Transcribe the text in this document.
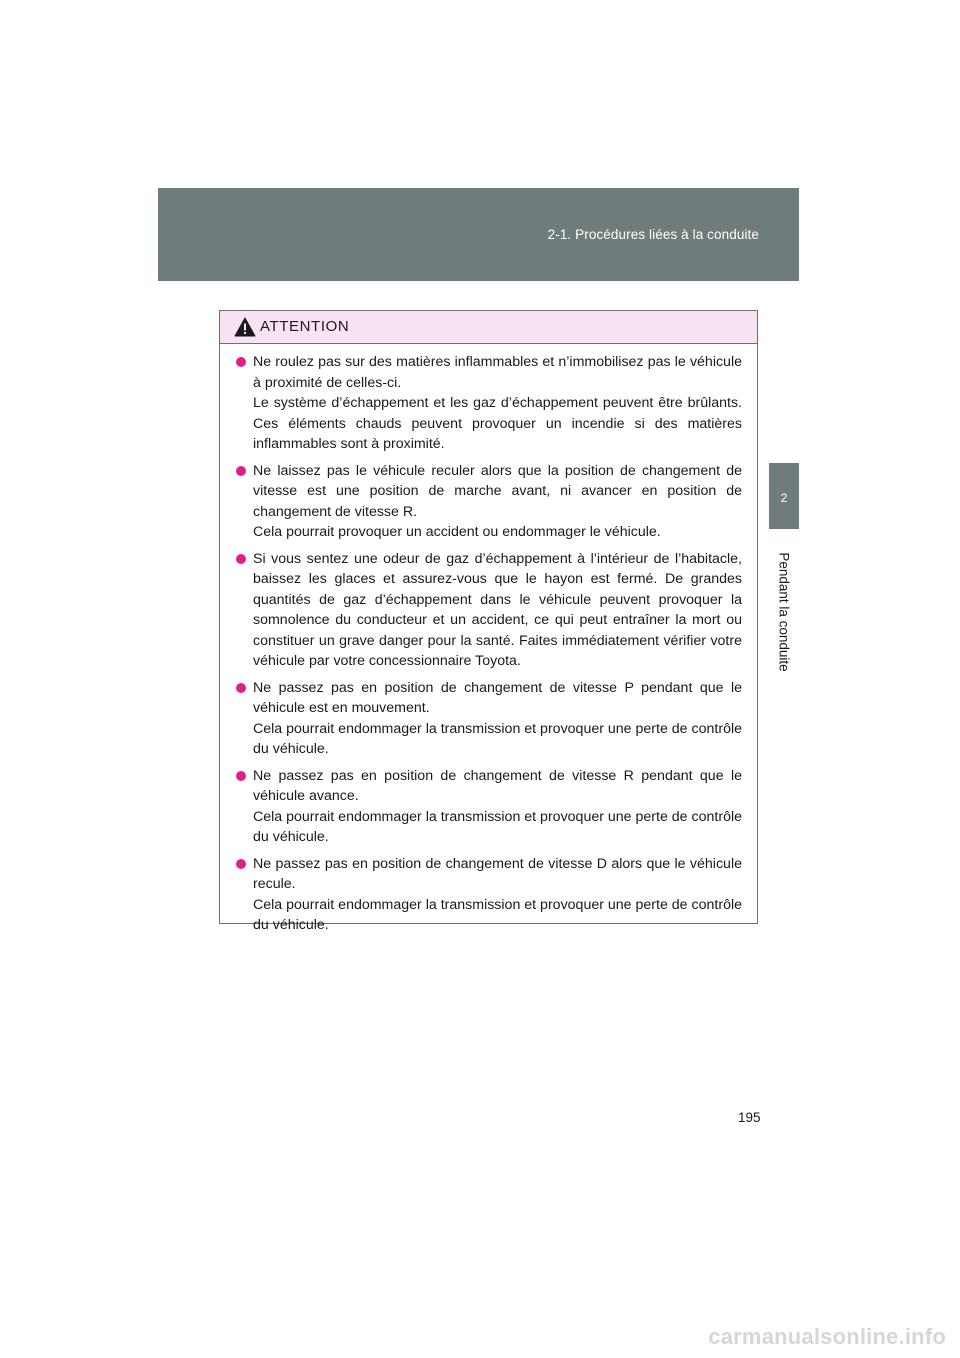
2-1. Procédures liées à la conduite
2
Pendant la conduite
ATTENTION
Ne roulez pas sur des matières inflammables et n’immobilisez pas le véhicule à proximité de celles-ci.
Le système d’échappement et les gaz d’échappement peuvent être brûlants. Ces éléments chauds peuvent provoquer un incendie si des matières inflammables sont à proximité.
Ne laissez pas le véhicule reculer alors que la position de changement de vitesse est une position de marche avant, ni avancer en position de changement de vitesse R.
Cela pourrait provoquer un accident ou endommager le véhicule.
Si vous sentez une odeur de gaz d’échappement à l’intérieur de l’habitacle, baissez les glaces et assurez-vous que le hayon est fermé. De grandes quantités de gaz d’échappement dans le véhicule peuvent provoquer la somnolence du conducteur et un accident, ce qui peut entraîner la mort ou constituer un grave danger pour la santé. Faites immédiatement vérifier votre véhicule par votre concessionnaire Toyota.
Ne passez pas en position de changement de vitesse P pendant que le véhicule est en mouvement.
Cela pourrait endommager la transmission et provoquer une perte de contrôle du véhicule.
Ne passez pas en position de changement de vitesse R pendant que le véhicule avance.
Cela pourrait endommager la transmission et provoquer une perte de contrôle du véhicule.
Ne passez pas en position de changement de vitesse D alors que le véhicule recule.
Cela pourrait endommager la transmission et provoquer une perte de contrôle du véhicule.
195
carmanualsonline.info
